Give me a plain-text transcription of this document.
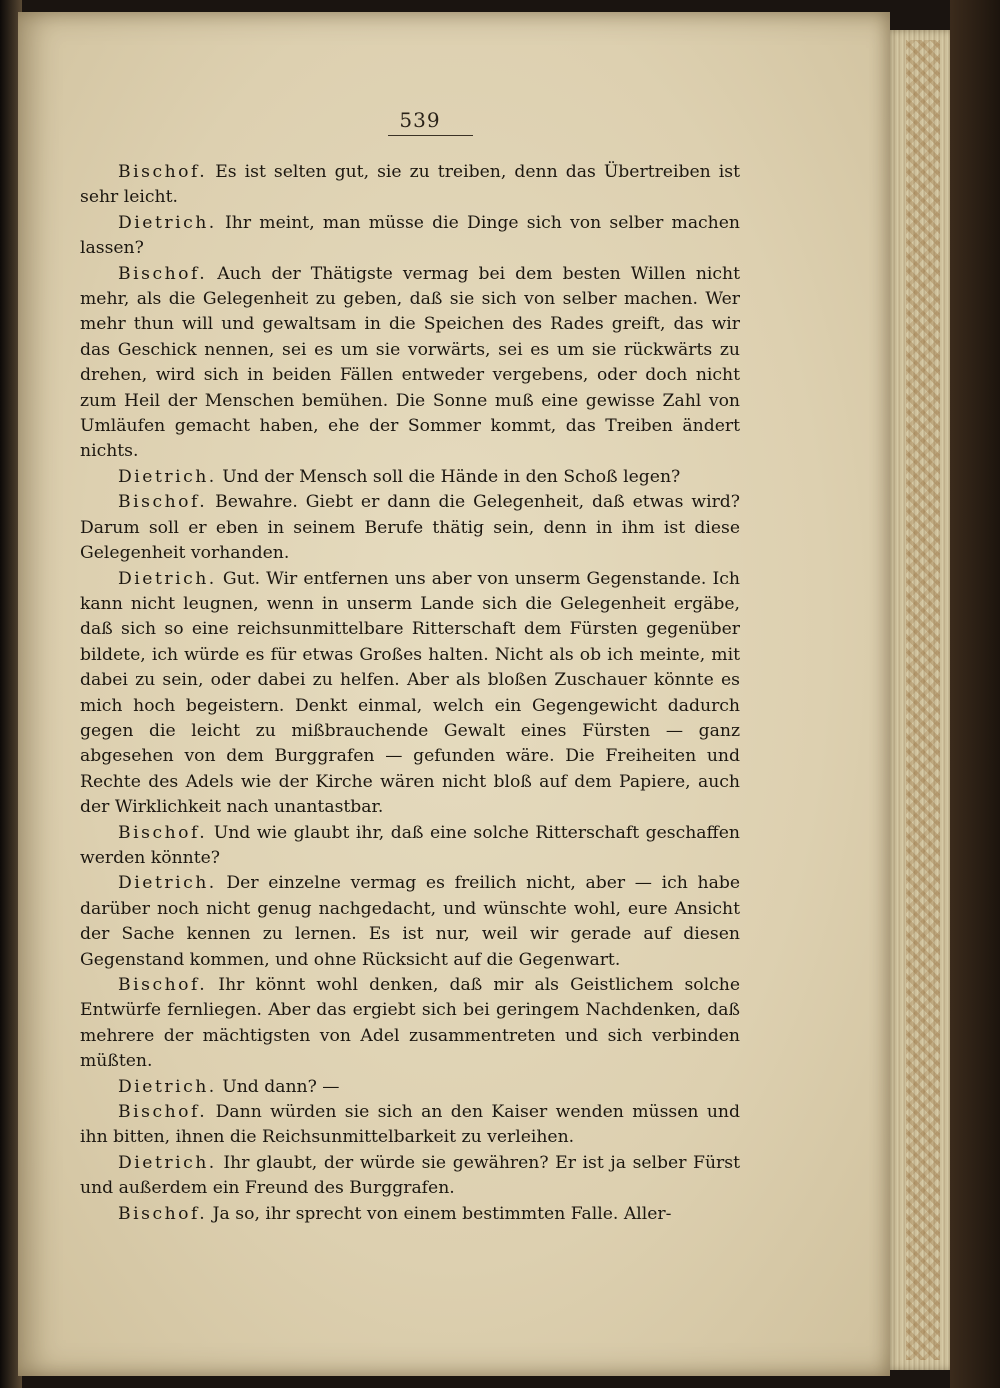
539

Bischof. Es ist selten gut, sie zu treiben, denn das Übertreiben ist sehr leicht.

Dietrich. Ihr meint, man müsse die Dinge sich von selber machen lassen?

Bischof. Auch der Thätigste vermag bei dem besten Willen nicht mehr, als die Gelegenheit zu geben, daß sie sich von selber machen. Wer mehr thun will und gewaltsam in die Speichen des Rades greift, das wir das Geschick nennen, sei es um sie vorwärts, sei es um sie rückwärts zu drehen, wird sich in beiden Fällen entweder vergebens, oder doch nicht zum Heil der Menschen bemühen. Die Sonne muß eine gewisse Zahl von Umläufen gemacht haben, ehe der Sommer kommt, das Treiben ändert nichts.

Dietrich. Und der Mensch soll die Hände in den Schoß legen?

Bischof. Bewahre. Giebt er dann die Gelegenheit, daß etwas wird? Darum soll er eben in seinem Berufe thätig sein, denn in ihm ist diese Gelegenheit vorhanden.

Dietrich. Gut. Wir entfernen uns aber von unserm Gegenstande. Ich kann nicht leugnen, wenn in unserm Lande sich die Gelegenheit ergäbe, daß sich so eine reichsunmittelbare Ritterschaft dem Fürsten gegenüber bildete, ich würde es für etwas Großes halten. Nicht als ob ich meinte, mit dabei zu sein, oder dabei zu helfen. Aber als bloßen Zuschauer könnte es mich hoch begeistern. Denkt einmal, welch ein Gegengewicht dadurch gegen die leicht zu mißbrauchende Gewalt eines Fürsten — ganz abgesehen von dem Burggrafen — gefunden wäre. Die Freiheiten und Rechte des Adels wie der Kirche wären nicht bloß auf dem Papiere, auch der Wirklichkeit nach unantastbar.

Bischof. Und wie glaubt ihr, daß eine solche Ritterschaft geschaffen werden könnte?

Dietrich. Der einzelne vermag es freilich nicht, aber — ich habe darüber noch nicht genug nachgedacht, und wünschte wohl, eure Ansicht der Sache kennen zu lernen. Es ist nur, weil wir gerade auf diesen Gegenstand kommen, und ohne Rücksicht auf die Gegenwart.

Bischof. Ihr könnt wohl denken, daß mir als Geistlichem solche Entwürfe fernliegen. Aber das ergiebt sich bei geringem Nachdenken, daß mehrere der mächtigsten von Adel zusammentreten und sich verbinden müßten.

Dietrich. Und dann? —

Bischof. Dann würden sie sich an den Kaiser wenden müssen und ihn bitten, ihnen die Reichsunmittelbarkeit zu verleihen.

Dietrich. Ihr glaubt, der würde sie gewähren? Er ist ja selber Fürst und außerdem ein Freund des Burggrafen.

Bischof. Ja so, ihr sprecht von einem bestimmten Falle. Aller-
